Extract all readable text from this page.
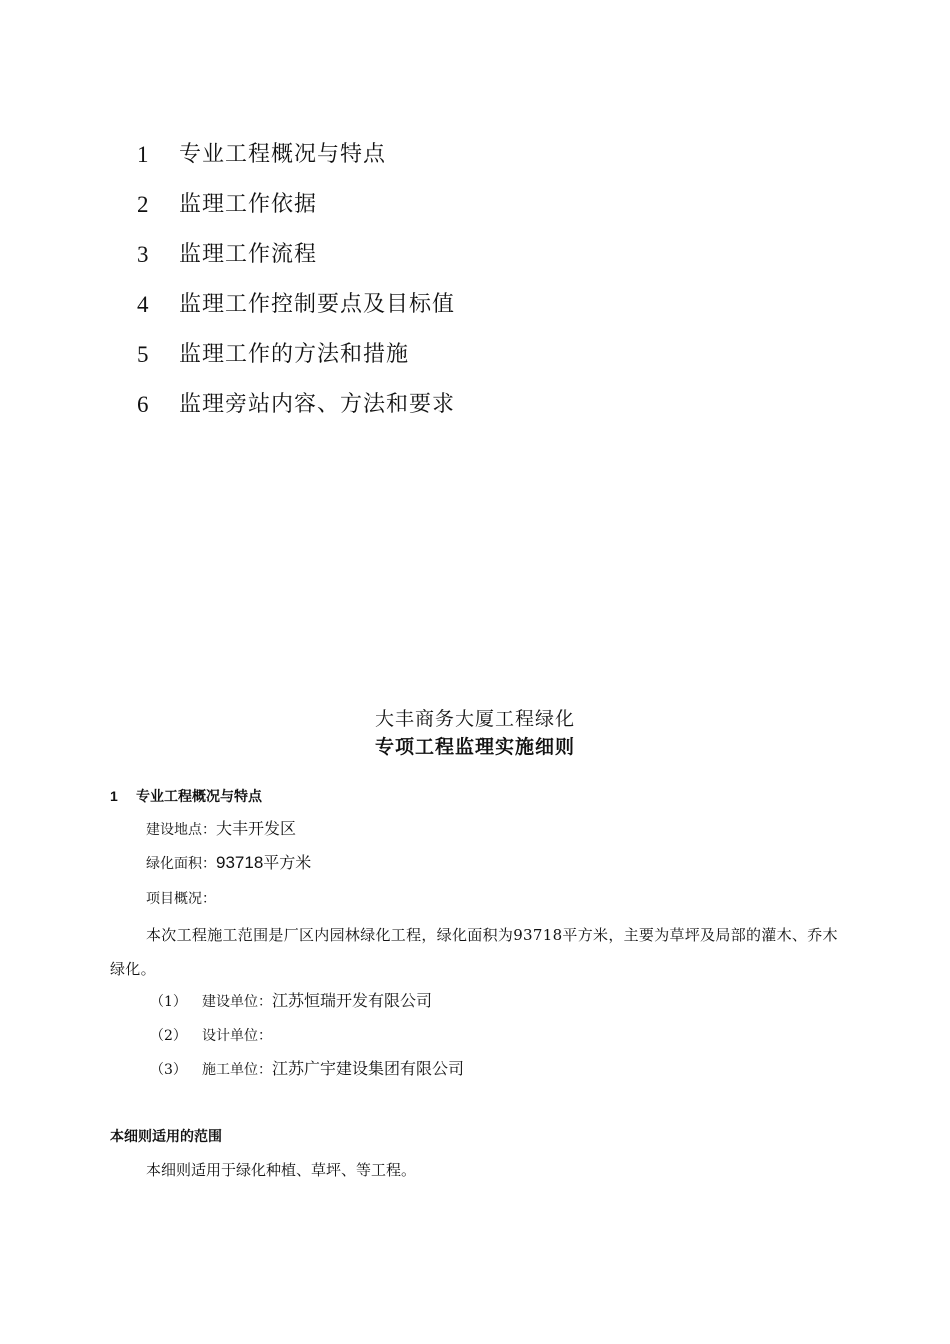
1	专业工程概况与特点
2	监理工作依据
3	监理工作流程
4	监理工作控制要点及目标值
5	监理工作的方法和措施
6	监理旁站内容、方法和要求
大丰商务大厦工程绿化
专项工程监理实施细则
1 专业工程概况与特点
建设地点：大丰开发区
绿化面积：93718平方米
项目概况：
本次工程施工范围是厂区内园林绿化工程，绿化面积为93718平方米，主要为草坪及局部的灌木、乔木绿化。
（1） 建设单位：江苏恒瑞开发有限公司
（2） 设计单位：
（3） 施工单位：江苏广宇建设集团有限公司
本细则适用的范围
本细则适用于绿化种植、草坪、等工程。
